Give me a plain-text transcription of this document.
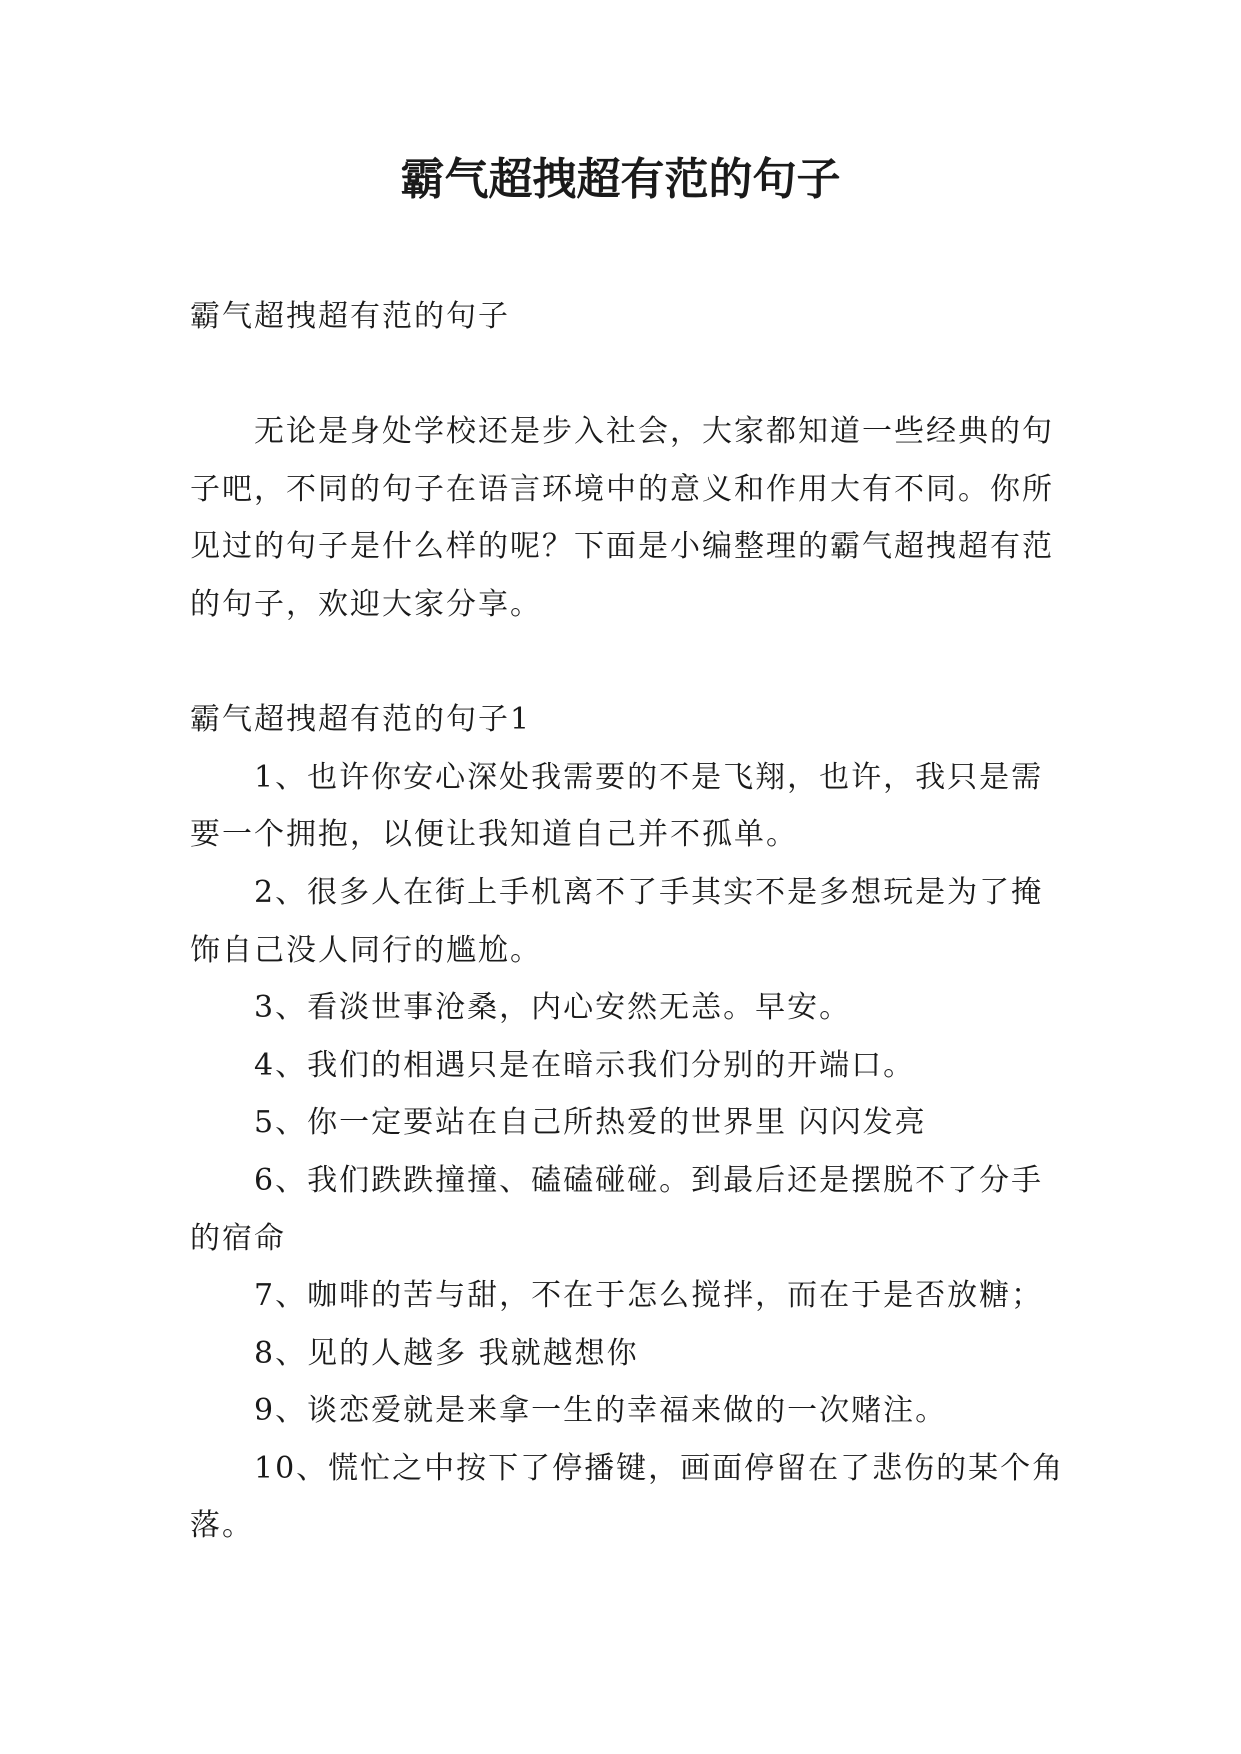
霸气超拽超有范的句子

霸气超拽超有范的句子

无论是身处学校还是步入社会，大家都知道一些经典的句子吧，不同的句子在语言环境中的意义和作用大有不同。你所见过的句子是什么样的呢？下面是小编整理的霸气超拽超有范的句子，欢迎大家分享。

霸气超拽超有范的句子1

1、也许你安心深处我需要的不是飞翔，也许，我只是需要一个拥抱，以便让我知道自己并不孤单。

2、很多人在街上手机离不了手其实不是多想玩是为了掩饰自己没人同行的尴尬。

3、看淡世事沧桑，内心安然无恙。早安。

4、我们的相遇只是在暗示我们分别的开端口。

5、你一定要站在自己所热爱的世界里 闪闪发亮

6、我们跌跌撞撞、磕磕碰碰。到最后还是摆脱不了分手的宿命

7、咖啡的苦与甜，不在于怎么搅拌，而在于是否放糖；

8、见的人越多 我就越想你

9、谈恋爱就是来拿一生的幸福来做的一次赌注。

10、慌忙之中按下了停播键，画面停留在了悲伤的某个角落。
